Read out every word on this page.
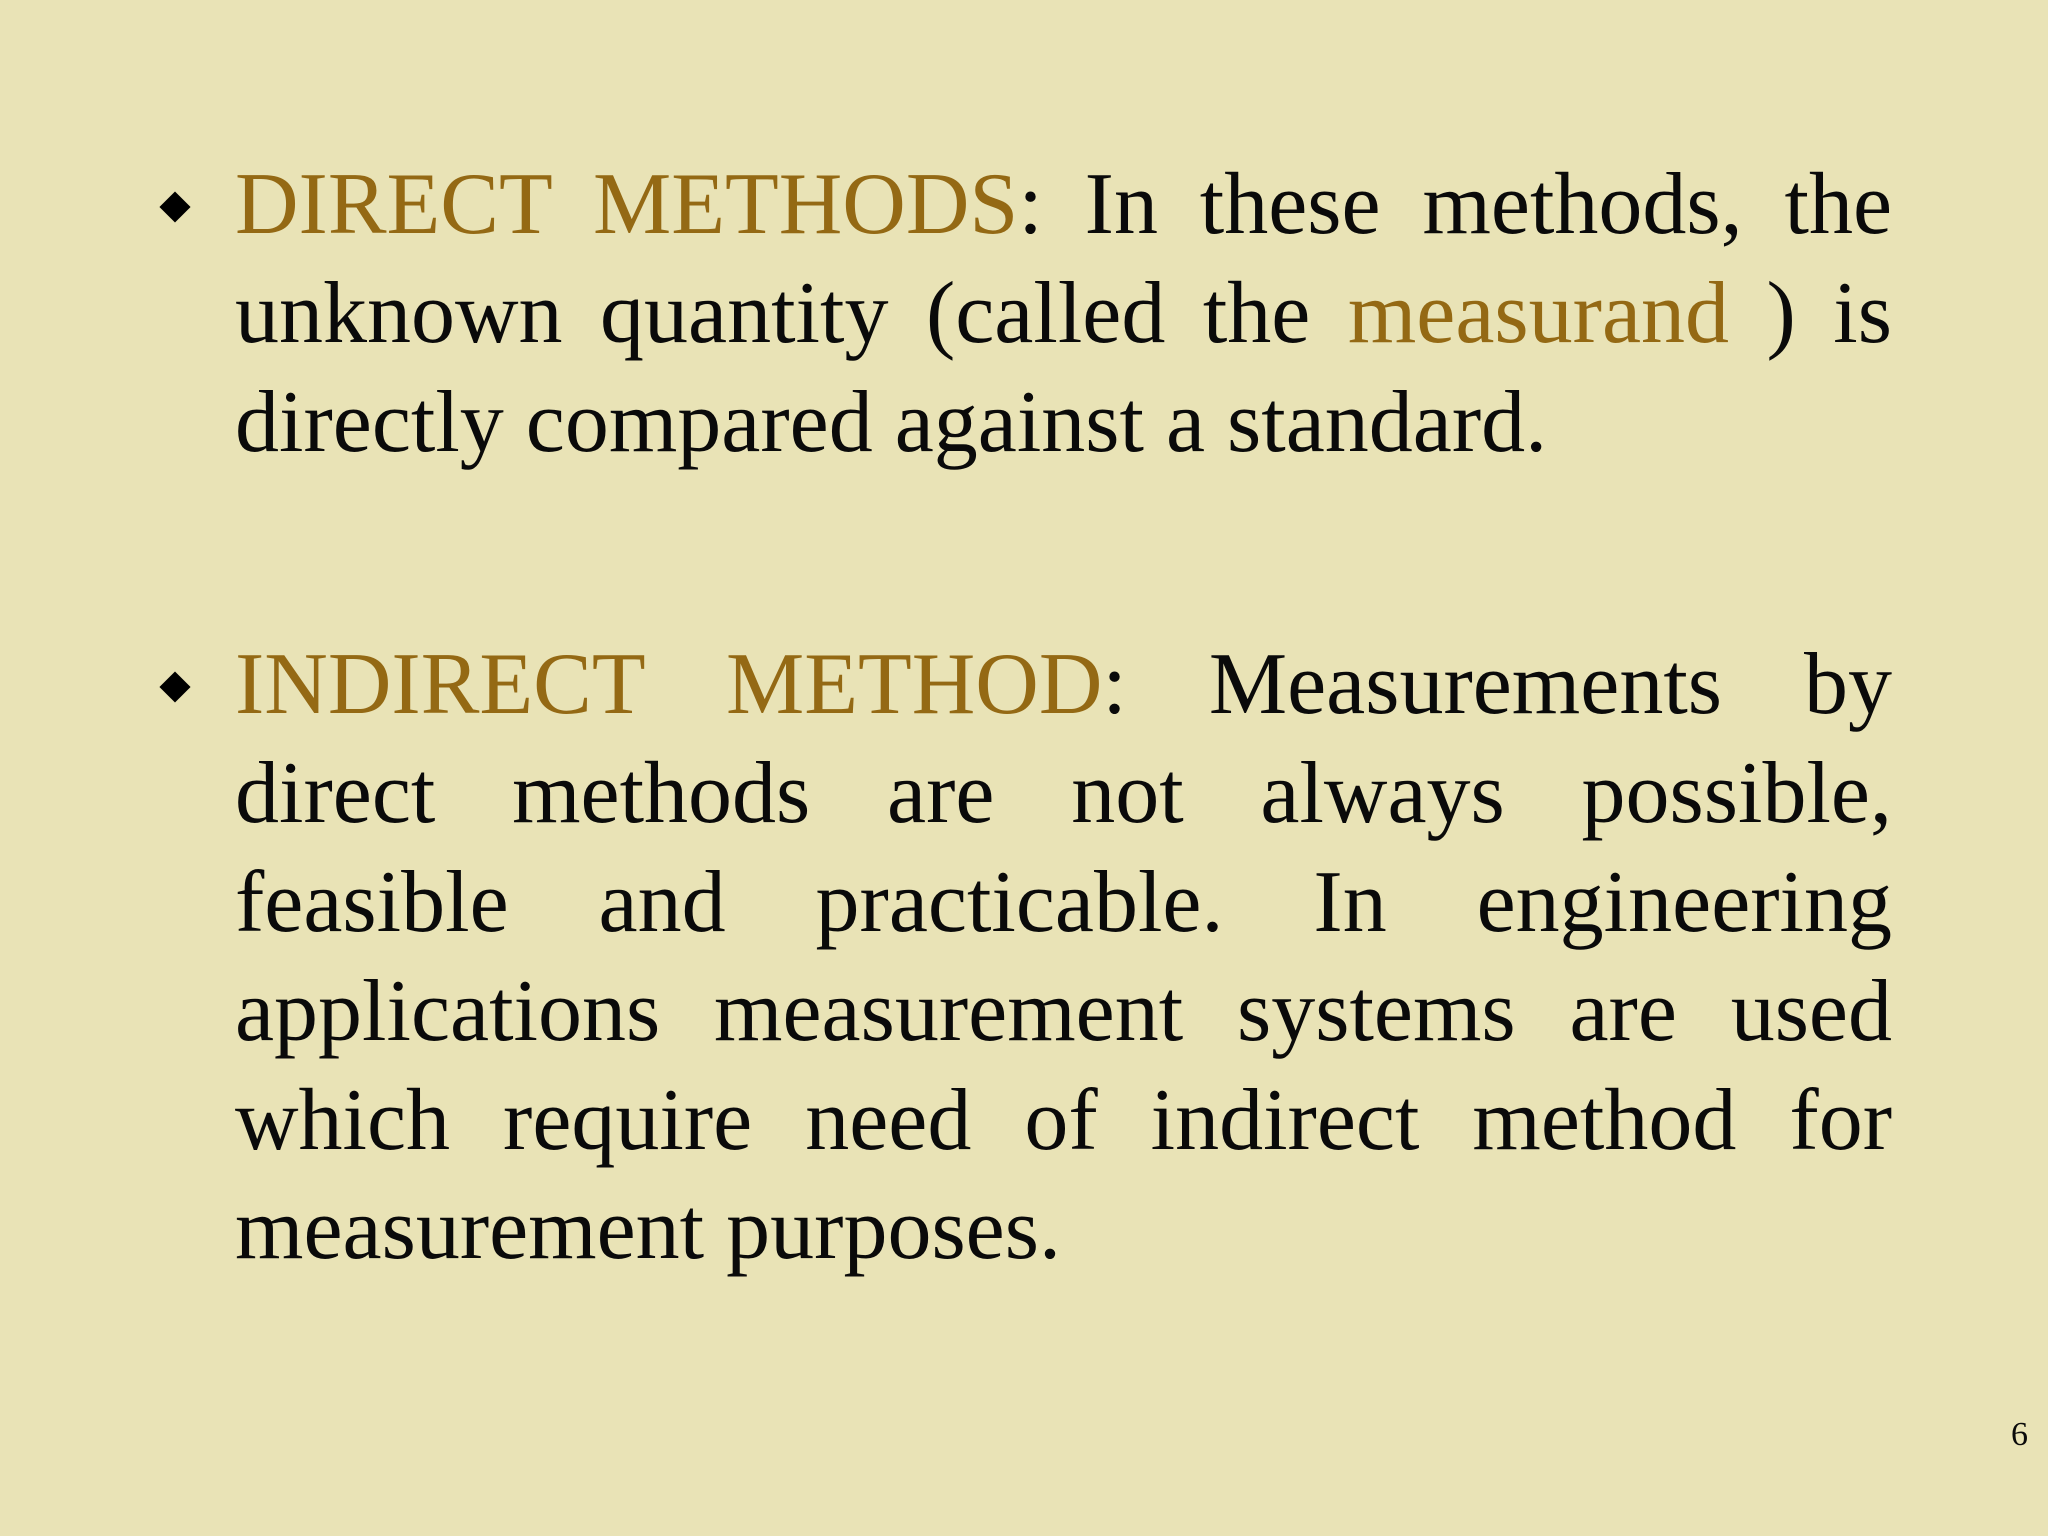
DIRECT METHODS: In these methods, the unknown quantity (called the measurand ) is directly compared against a standard.
INDIRECT METHOD: Measurements by direct methods are not always possible, feasible and practicable. In engineering applications measurement systems are used which require need of indirect method for measurement purposes.
6
